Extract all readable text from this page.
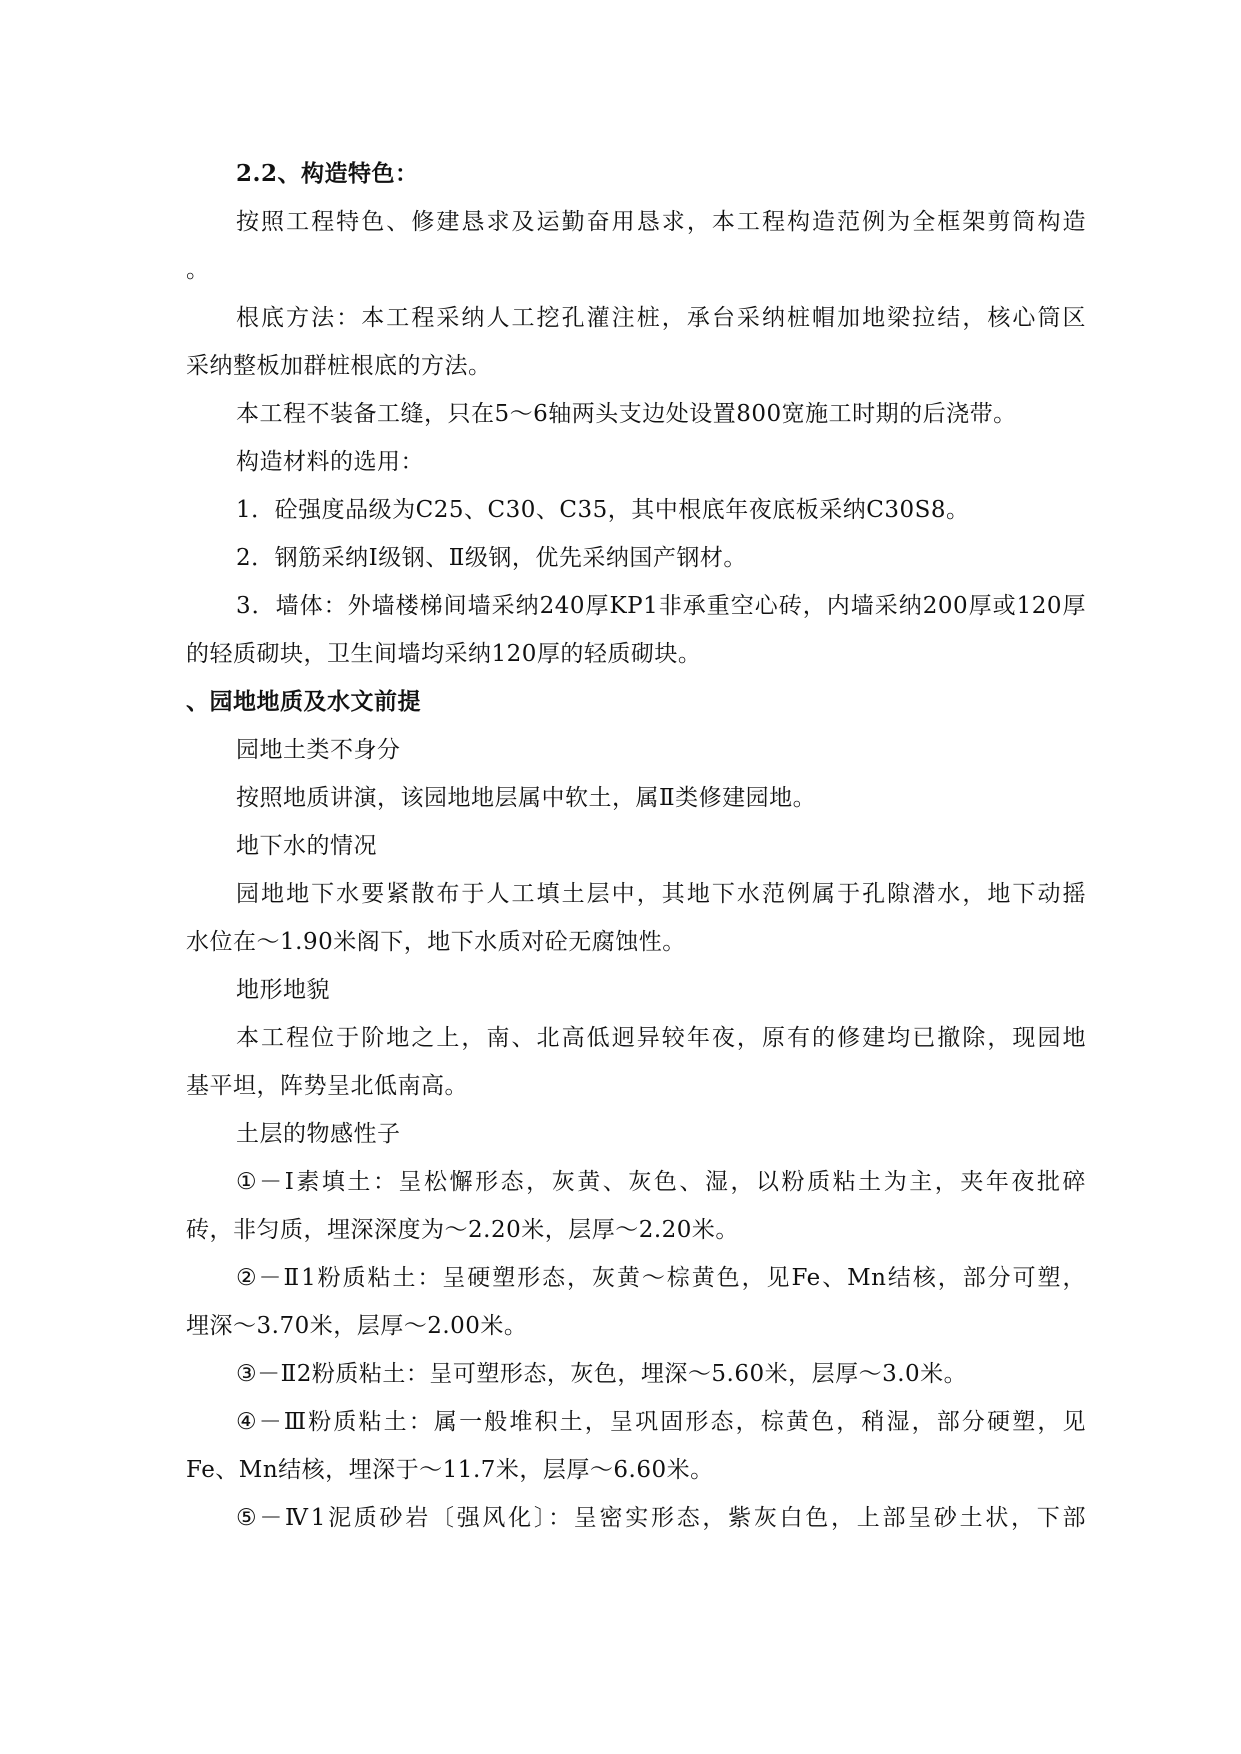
2.2、构造特色：
按照工程特色、修建恳求及运勤奋用恳求，本工程构造范例为全框架剪筒构造
。
根底方法：本工程采纳人工挖孔灌注桩，承台采纳桩帽加地梁拉结，核心筒区
采纳整板加群桩根底的方法。
本工程不装备工缝，只在5～6轴两头支边处设置800宽施工时期的后浇带。
构造材料的选用：
1．砼强度品级为C25、C30、C35，其中根底年夜底板采纳C30S8。
2．钢筋采纳Ⅰ级钢、Ⅱ级钢，优先采纳国产钢材。
3．墙体：外墙楼梯间墙采纳240厚KP1非承重空心砖，内墙采纳200厚或120厚
的轻质砌块，卫生间墙均采纳120厚的轻质砌块。
、园地地质及水文前提
园地土类不身分
按照地质讲演，该园地地层属中软土，属Ⅱ类修建园地。
地下水的情况
园地地下水要紧散布于人工填土层中，其地下水范例属于孔隙潜水，地下动摇
水位在～1.90米阁下，地下水质对砼无腐蚀性。
地形地貌
本工程位于阶地之上，南、北高低迥异较年夜，原有的修建均已撤除，现园地
基平坦，阵势呈北低南高。
土层的物感性子
①－Ⅰ素填土：呈松懈形态，灰黄、灰色、湿，以粉质粘土为主，夹年夜批碎
砖，非匀质，埋深深度为～2.20米，层厚～2.20米。
②－Ⅱ1粉质粘土：呈硬塑形态，灰黄～棕黄色，见Fe、Mn结核，部分可塑，
埋深～3.70米，层厚～2.00米。
③－Ⅱ2粉质粘土：呈可塑形态，灰色，埋深～5.60米，层厚～3.0米。
④－Ⅲ粉质粘土：属一般堆积土，呈巩固形态，棕黄色，稍湿，部分硬塑，见
Fe、Mn结核，埋深于～11.7米，层厚～6.60米。
⑤－Ⅳ1泥质砂岩〔强风化〕：呈密实形态，紫灰白色，上部呈砂土状，下部
